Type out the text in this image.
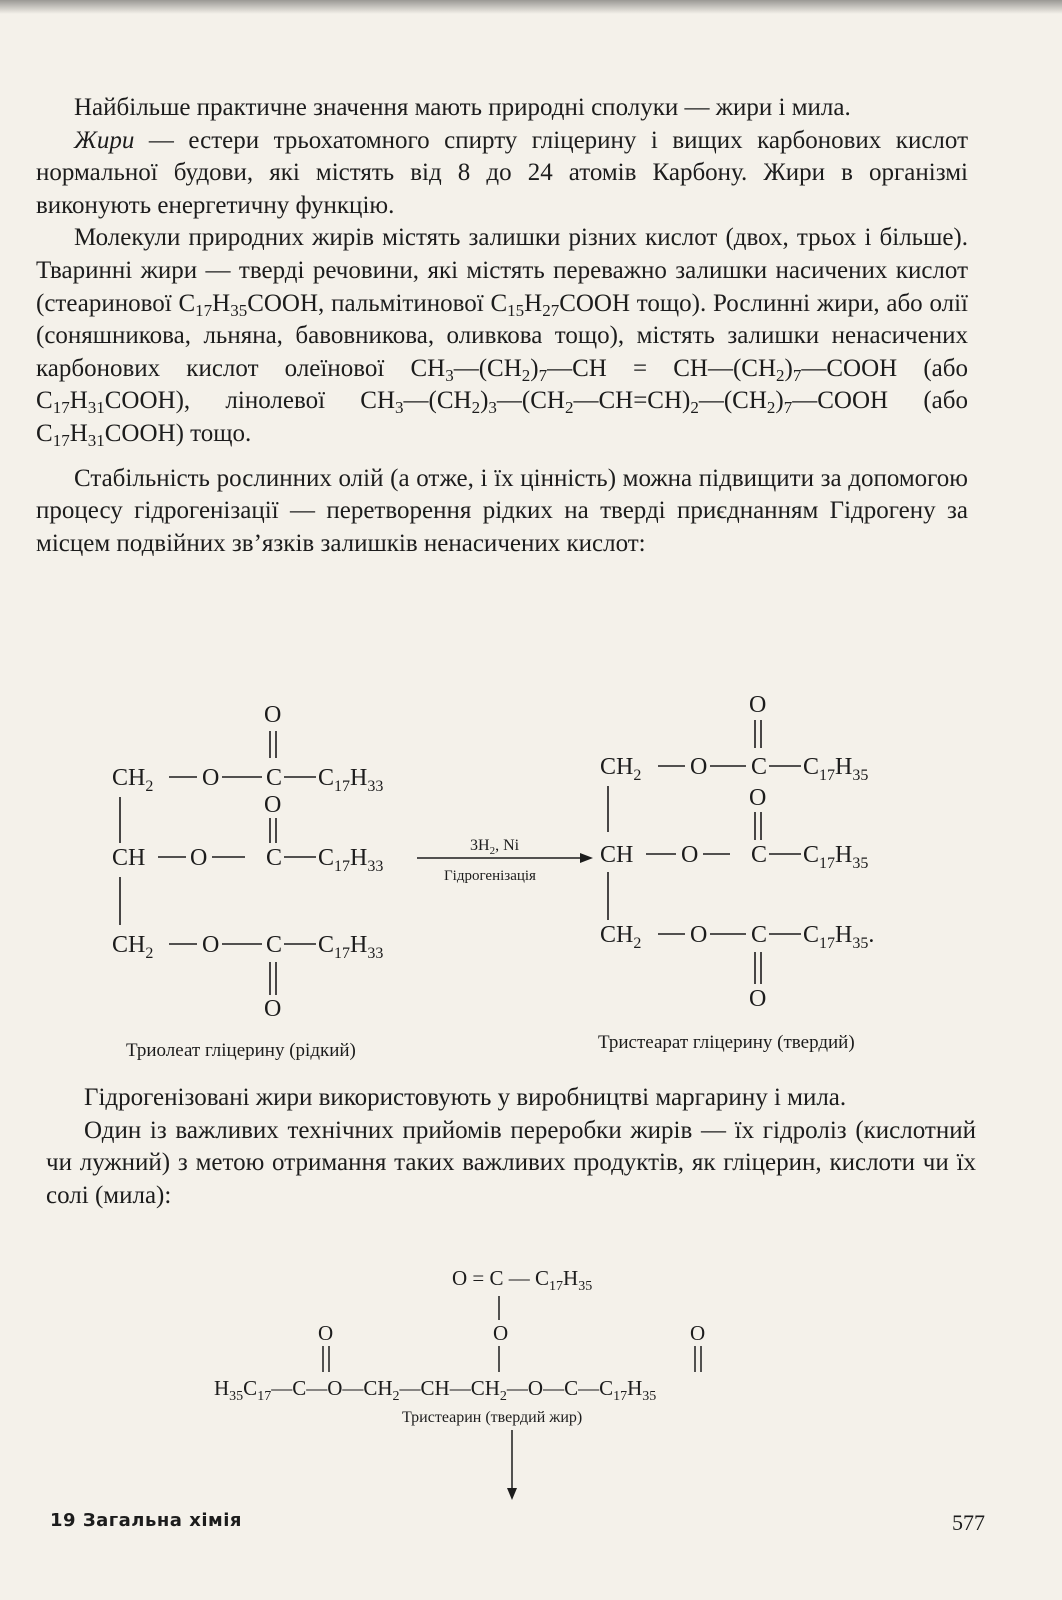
Найбільше практичне значення мають природні сполуки — жири і мила.

Жири — естери трьохатомного спирту гліцерину і вищих карбонових кислот нормальної будови, які містять від 8 до 24 атомів Карбону. Жири в організмі виконують енергетичну функцію.

Молекули природних жирів містять залишки різних кислот (двох, трьох і більше). Тваринні жири — тверді речовини, які містять переважно залишки насичених кислот (стеаринової $C_{17}H_{35}COOH$, пальмітинової $C_{15}H_{27}COOH$ тощо). Рослинні жири, або олії (соняшникова, льняна, бавовникова, оливкова тощо), містять залишки ненасичених карбонових кислот олеїнової $CH_3—(CH_2)_7—CH$ = $CH—(CH_2)_7—COOH$ (або $C_{17}H_{31}COOH$), лінолевої $CH_3—(CH_2)_3—(CH_2—CH=CH)_2—(CH_2)_7—COOH$ (або $C_{17}H_{31}COOH$) тощо.

Стабільність рослинних олій (а отже, і їх цінність) можна підвищити за допомогою процесу гідрогенізації — перетворення рідких на тверді приєднанням Гідрогену за місцем подвійних зв’язків залишків ненасичених кислот:

O
$CH_2$ O C $C_{17}H_{33}$
O
CH O C $C_{17}H_{33}$
$CH_2$ O C $C_{17}H_{33}$
O
$3H_2$, Ni
Гідрогенізація
O
$CH_2$ O C $C_{17}H_{35}$
O
CH O C $C_{17}H_{35}$
$CH_2$ O C $C_{17}H_{35}$.
O
Триолеат гліцерину (рідкий)	Тристеарат гліцерину (твердий)

Гідрогенізовані жири використовують у виробництві маргарину і мила.

Один із важливих технічних прийомів переробки жирів — їх гідроліз (кислотний чи лужний) з метою отримання таких важливих продуктів, як гліцерин, кислоти чи їх солі (мила):

O = C — $C_{17}H_{35}$
O
O	O
$H_{35}C_{17}—C—O—CH_2—CH—CH_2—O—C—C_{17}H_{35}$
Тристеарин (твердий жир)
19 Загальна хімія	577
